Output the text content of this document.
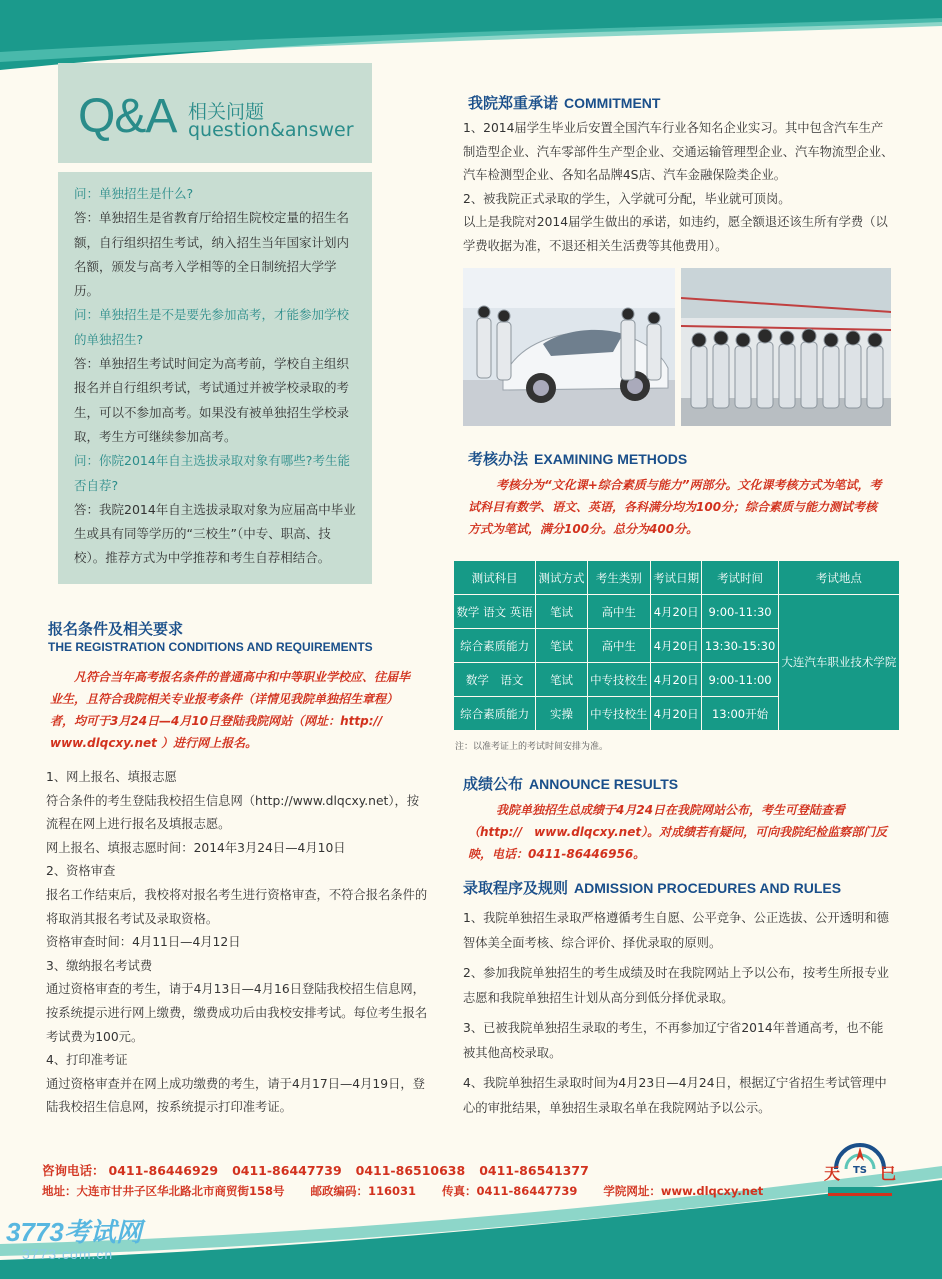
Q&A 相关问题
question&answer
问：单独招生是什么?
答：单独招生是省教育厅给招生院校定量的招生名额，自行组织招生考试，纳入招生当年国家计划内名额，颁发与高考入学相等的全日制统招大学学历。
问：单独招生是不是要先参加高考，才能参加学校的单独招生?
答：单独招生考试时间定为高考前，学校自主组织报名并自行组织考试，考试通过并被学校录取的考生，可以不参加高考。如果没有被单独招生学校录取，考生方可继续参加高考。
问：你院2014年自主选拔录取对象有哪些?考生能否自荐?
答：我院2014年自主选拔录取对象为应届高中毕业生或具有同等学历的“三校生”（中专、职高、技校）。推荐方式为中学推荐和考生自荐相结合。
报名条件及相关要求
THE REGISTRATION CONDITIONS AND REQUIREMENTS
凡符合当年高考报名条件的普通高中和中等职业学校应、往届毕业生，且符合我院相关专业报考条件（详情见我院单独招生章程）者，均可于3月24日—4月10日登陆我院网站（网址：http:// www.dlqcxy.net ）进行网上报名。
1、网上报名、填报志愿
符合条件的考生登陆我校招生信息网（http://www.dlqcxy.net），按流程在网上进行报名及填报志愿。
网上报名、填报志愿时间：2014年3月24日—4月10日
2、资格审查
报名工作结束后，我校将对报名考生进行资格审查，不符合报名条件的将取消其报名考试及录取资格。
资格审查时间：4月11日—4月12日
3、缴纳报名考试费
通过资格审查的考生，请于4月13日—4月16日登陆我校招生信息网，按系统提示进行网上缴费，缴费成功后由我校安排考试。每位考生报名考试费为100元。
4、打印准考证
通过资格审查并在网上成功缴费的考生，请于4月17日—4月19日，登陆我校招生信息网，按系统提示打印准考证。
我院郑重承诺 COMMITMENT
1、2014届学生毕业后安置全国汽车行业各知名企业实习。其中包含汽车生产制造型企业、汽车零部件生产型企业、交通运输管理型企业、汽车物流型企业、汽车检测型企业、各知名品牌4S店、汽车金融保险类企业。
2、被我院正式录取的学生，入学就可分配，毕业就可顶岗。
以上是我院对2014届学生做出的承诺，如违约，愿全额退还该生所有学费（以学费收据为准，不退还相关生活费等其他费用）。
考核办法 EXAMINING METHODS
考核分为“文化课+综合素质与能力”两部分。文化课考核方式为笔试，考试科目有数学、语文、英语，各科满分均为100分；综合素质与能力测试考核方式为笔试，满分100分。总分为400分。
测试科目	测试方式	考生类别	考试日期	考试时间	考试地点
数学 语文 英语	笔试	高中生	4月20日	9:00-11:30	大连汽车职业技术学院
综合素质能力	笔试	高中生	4月20日	13:30-15:30	
数学　语文	笔试	中专技校生	4月20日	9:00-11:00	
综合素质能力	实操	中专技校生	4月20日	13:00开始	
注：以准考证上的考试时间安排为准。
成绩公布 ANNOUNCE RESULTS
我院单独招生总成绩于4月24日在我院网站公布，考生可登陆查看（http://　www.dlqcxy.net）。对成绩若有疑问，可向我院纪检监察部门反映，电话：0411-86446956。
录取程序及规则 ADMISSION PROCEDURES AND RULES
1、我院单独招生录取严格遵循考生自愿、公平竞争、公正选拔、公开透明和德智体美全面考核、综合评价、择优录取的原则。
2、参加我院单独招生的考生成绩及时在我院网站上予以公布，按考生所报专业志愿和我院单独招生计划从高分到低分择优录取。
3、已被我院单独招生录取的考生，不再参加辽宁省2014年普通高考，也不能被其他高校录取。
4、我院单独招生录取时间为4月23日—4月24日，根据辽宁省招生考试管理中心的审批结果，单独招生录取名单在我院网站予以公示。
咨询电话： 0411-86446929 0411-86447739 0411-86510638 0411-86541377
地址：大连市甘井子区华北路北市商贸街158号 邮政编码：116031 传真：0411-86447739 学院网址：www.dlqcxy.net
天 TS 巳
3773考试网
3773.com.cn
